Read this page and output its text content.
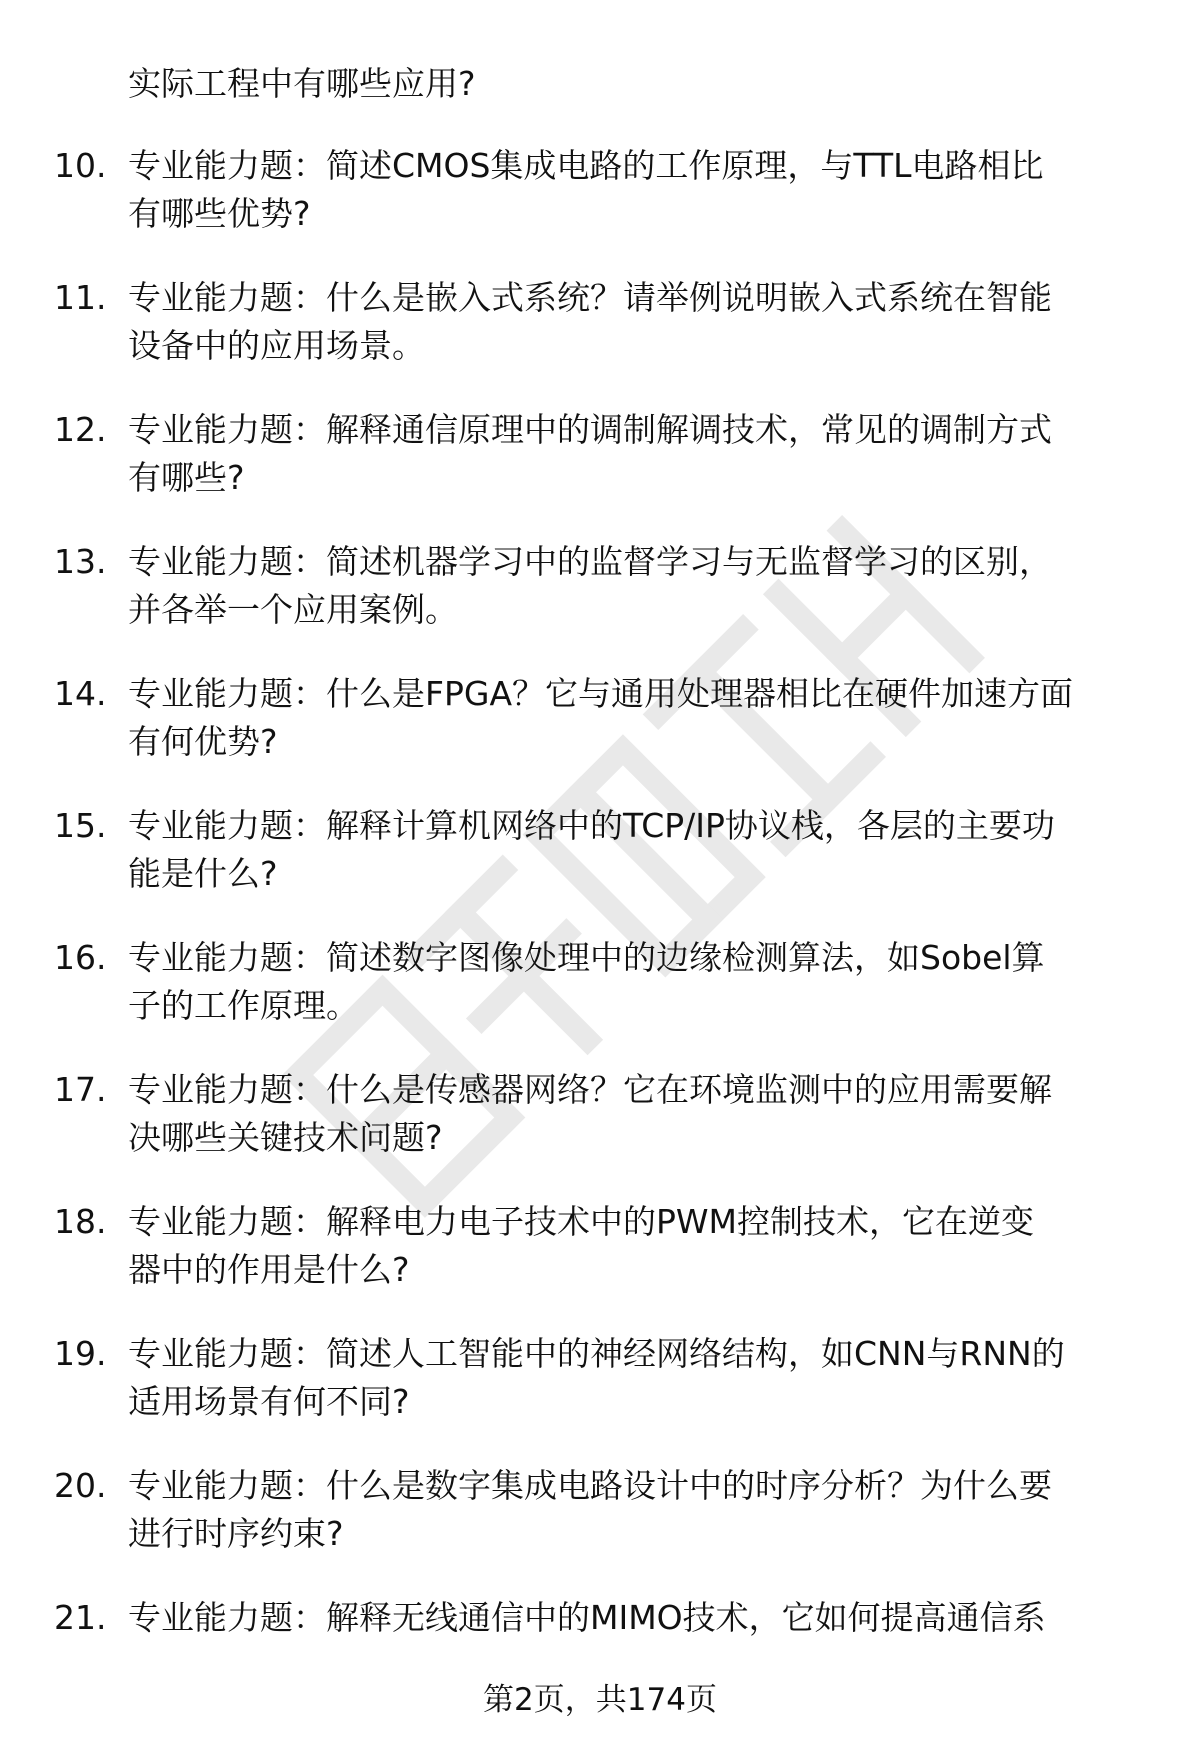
实际工程中有哪些应用?
10. 专业能力题：简述CMOS集成电路的工作原理，与TTL电路相比
有哪些优势?
11. 专业能力题：什么是嵌入式系统？请举例说明嵌入式系统在智能
设备中的应用场景。
12. 专业能力题：解释通信原理中的调制解调技术，常见的调制方式
有哪些?
13. 专业能力题：简述机器学习中的监督学习与无监督学习的区别，
并各举一个应用案例。
14. 专业能力题：什么是FPGA？它与通用处理器相比在硬件加速方面
有何优势?
15. 专业能力题：解释计算机网络中的TCP/IP协议栈，各层的主要功
能是什么?
16. 专业能力题：简述数字图像处理中的边缘检测算法，如Sobel算
子的工作原理。
17. 专业能力题：什么是传感器网络？它在环境监测中的应用需要解
决哪些关键技术问题?
18. 专业能力题：解释电力电子技术中的PWM控制技术，它在逆变
器中的作用是什么?
19. 专业能力题：简述人工智能中的神经网络结构，如CNN与RNN的
适用场景有何不同?
20. 专业能力题：什么是数字集成电路设计中的时序分析？为什么要
进行时序约束?
21. 专业能力题：解释无线通信中的MIMO技术，它如何提高通信系
第2页，共174页
